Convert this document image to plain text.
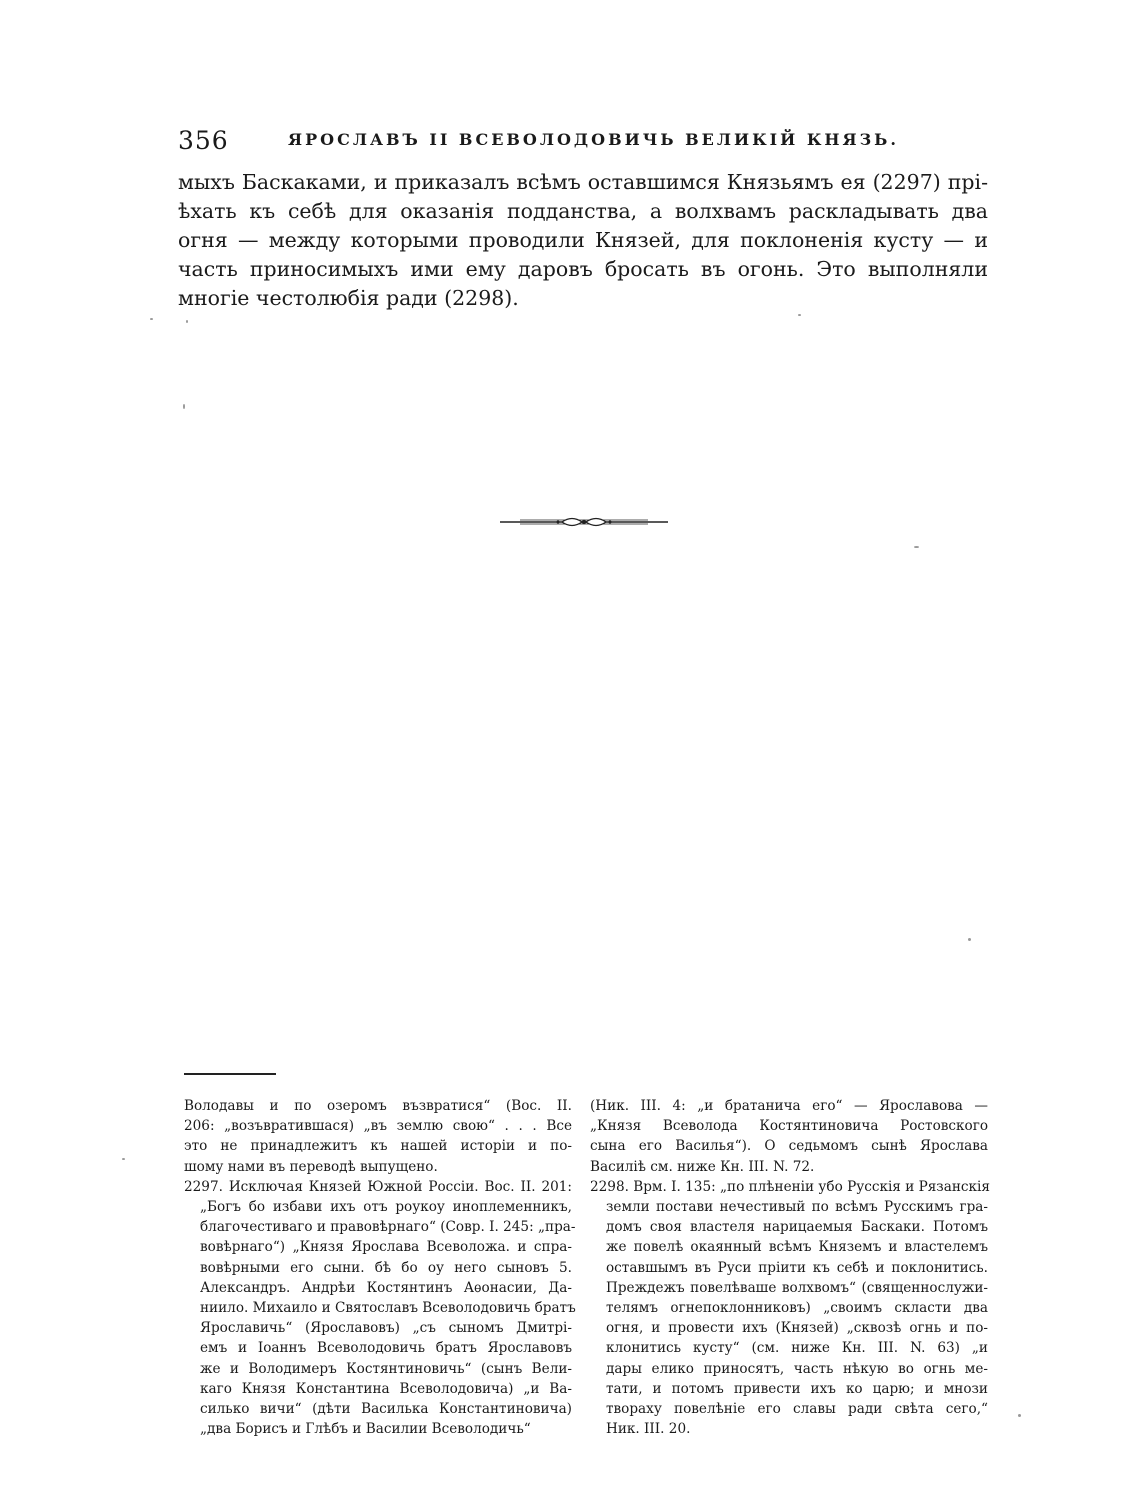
356	ЯРОСЛАВЪ II ВСЕВОЛОДОВИЧЬ ВЕЛИКІЙ КНЯЗЬ.
мыхъ Баскаками, и приказалъ всѣмъ оставшимся Князьямъ ея (2297) прі-
ѣхать къ себѣ для оказанія подданства, а волхвамъ раскладывать два
огня — между которыми проводили Князей, для поклоненія кусту — и
часть приносимыхъ ими ему даровъ бросать въ огонь. Это выполняли
многіе честолюбія ради (2298).
Володавы и по озеромъ възвратися“ (Вос. II.
206: „возъвратившася) „въ землю свою“ . . . Все
это не принадлежитъ къ нашей исторіи и по-
шому нами въ переводѣ выпущено.
2297. Исключая Князей Южной Россіи. Вос. II. 201:
„Богъ бо избави ихъ отъ роукоу иноплеменникъ,
благочестиваго и правовѣрнаго“ (Совр. I. 245: „пра-
вовѣрнаго“) „Князя Ярослава Всеволожа. и спра-
вовѣрными его сыни. бѣ бо оу него сыновъ 5.
Александръ. Андрѣи Костянтинъ Аѳонасии, Да-
ниило. Михаило и Святославъ Всеволодовичь братъ
Ярославичь“ (Ярославовъ) „съ сыномъ Дмитрі-
емъ и Іоаннъ Всеволодовичь братъ Ярославовъ
же и Володимеръ Костянтиновичь“ (сынъ Вели-
каго Князя Константина Всеволодовича) „и Ва-
силько вичи“ (дѣти Василька Константиновича)
„два Борисъ и Глѣбъ и Василии Всеволодичь“
(Ник. III. 4: „и братанича его“ — Ярославова —
„Князя Всеволода Костянтиновича Ростовского
сына его Василья“). О седьмомъ сынѣ Ярослава
Василіѣ см. ниже Кн. III. N. 72.
2298. Врм. I. 135: „по плѣненіи убо Русскія и Рязанскія
земли постави нечестивый по всѣмъ Русскимъ гра-
домъ своя властеля нарицаемыя Баскаки. Потомъ
же повелѣ окаянный всѣмъ Княземъ и властелемъ
оставшымъ въ Руси пріити къ себѣ и поклонитись.
Преждежъ повелѣваше волхвомъ“ (священнослужи-
телямъ огнепоклонниковъ) „своимъ скласти два
огня, и провести ихъ (Князей) „сквозѣ огнь и по-
клонитись кусту“ (см. ниже Кн. III. N. 63) „и
дары елико приносятъ, часть нѣкую во огнь ме-
тати, и потомъ привести ихъ ко царю; и мнози
твораху повелѣніе его славы ради свѣта сего,“
Ник. III. 20.
